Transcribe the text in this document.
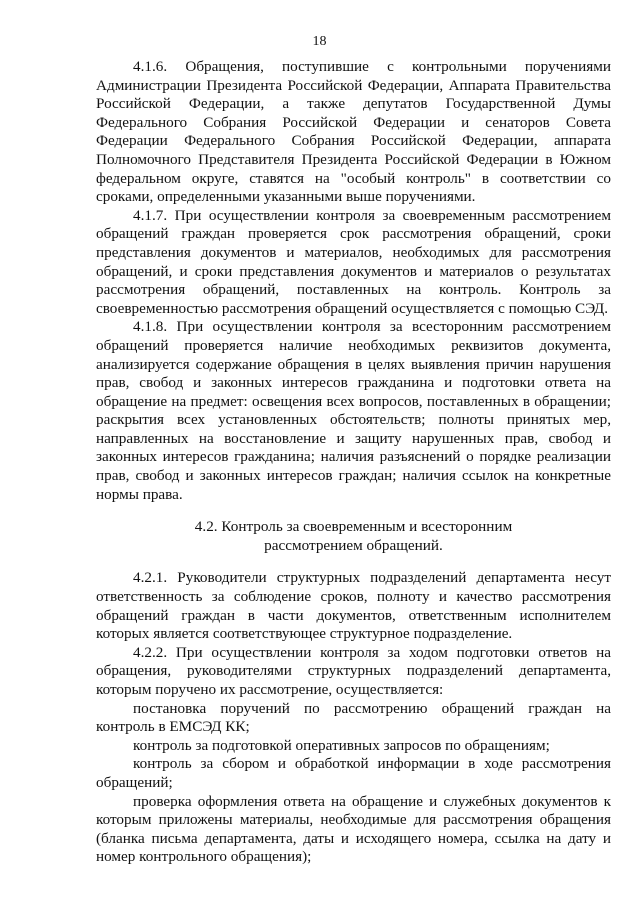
18

4.1.6. Обращения, поступившие с контрольными поручениями Администрации Президента Российской Федерации, Аппарата Правительства Российской Федерации, а также депутатов Государственной Думы Федерального Собрания Российской Федерации и сенаторов Совета Федерации Федерального Собрания Российской Федерации, аппарата Полномочного Представителя Президента Российской Федерации в Южном федеральном округе, ставятся на "особый контроль" в соответствии со сроками, определенными указанными выше поручениями.

4.1.7. При осуществлении контроля за своевременным рассмотрением обращений граждан проверяется срок рассмотрения обращений, сроки представления документов и материалов, необходимых для рассмотрения обращений, и сроки представления документов и материалов о результатах рассмотрения обращений, поставленных на контроль. Контроль за своевременностью рассмотрения обращений осуществляется с помощью СЭД.

4.1.8. При осуществлении контроля за всесторонним рассмотрением обращений проверяется наличие необходимых реквизитов документа, анализируется содержание обращения в целях выявления причин нарушения прав, свобод и законных интересов гражданина и подготовки ответа на обращение на предмет: освещения всех вопросов, поставленных в обращении; раскрытия всех установленных обстоятельств; полноты принятых мер, направленных на восстановление и защиту нарушенных прав, свобод и законных интересов гражданина; наличия разъяснений о порядке реализации прав, свобод и законных интересов граждан; наличия ссылок на конкретные нормы права.

4.2. Контроль за своевременным и всесторонним
рассмотрением обращений.

4.2.1. Руководители структурных подразделений департамента несут ответственность за соблюдение сроков, полноту и качество рассмотрения обращений граждан в части документов, ответственным исполнителем которых является соответствующее структурное подразделение.

4.2.2. При осуществлении контроля за ходом подготовки ответов на обращения, руководителями структурных подразделений департамента, которым поручено их рассмотрение, осуществляется:

постановка поручений по рассмотрению обращений граждан на контроль в ЕМСЭД КК;

контроль за подготовкой оперативных запросов по обращениям;

контроль за сбором и обработкой информации в ходе рассмотрения обращений;

проверка оформления ответа на обращение и служебных документов к которым приложены материалы, необходимые для рассмотрения обращения (бланка письма департамента, даты и исходящего номера, ссылка на дату и номер контрольного обращения);
